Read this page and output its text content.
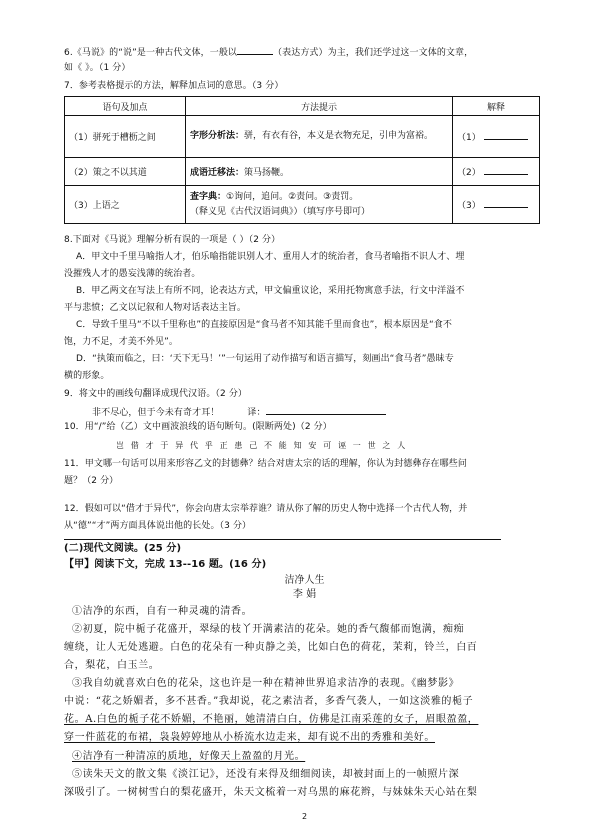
6.《马说》的“说”是一种古代文体，一般以	（表达方式）为主，我们还学过这一文体的文章，
如《 》。（1 分）
7．参考表格提示的方法，解释加点词的意思。（3 分）
语句及加点	方法提示	解释
（1）骈死于槽枥之间	字形分析法：骈，有衣有谷，本义是衣物充足，引申为富裕。	（1）
（2）策之不以其道	成语迁移法：策马扬鞭。	（2）
（3）上语之	查字典：①询问，追问。②责问。③责罚。
（释义见《古代汉语词典》）（填写序号即可）	（3）
8.下面对《马说》理解分析有误的一项是（ ）（2 分）
A．甲文中千里马喻指人才，伯乐喻指能识别人才、重用人才的统治者，食马者喻指不识人才、埋
没摧残人才的愚妄浅薄的统治者。
B．甲乙两文在写法上有所不同，论表达方式，甲文偏重议论，采用托物寓意手法，行文中洋溢不
平与悲愤；乙文以记叙和人物对话表达主旨。
C．导致千里马“不以千里称也”的直接原因是“食马者不知其能千里而食也”，根本原因是“食不
饱，力不足，才美不外见”。
D．“执策而临之，曰：‘天下无马！’”一句运用了动作描写和语言描写，刻画出“食马者”愚昧专
横的形象。
9．将文中的画线句翻译成现代汉语。（2 分）
非不尽心，但于今未有奇才耳！	译：
10．用“/”给（乙）文中画波浪线的语句断句。(限断两处)（2 分）
岂借才于异代乎正患己不能知安可诬一世之人
11．甲文哪一句话可以用来形容乙文的封德彝？结合对唐太宗的话的理解，你认为封德彝存在哪些问
题？（2 分）
12．假如可以“借才于异代”，你会向唐太宗举荐谁？请从你了解的历史人物中选择一个古代人物，并
从“德”“才”两方面具体说出他的长处。（3 分）
(二)现代文阅读。(25 分)
【甲】阅读下文，完成 13--16 题。(16 分)
洁净人生
李 娟
①洁净的东西，自有一种灵魂的清香。
②初夏，院中栀子花盛开，翠绿的枝丫开满素洁的花朵。她的香气馥郁而饱满，痴痴
缠绕，让人无处逃避。白色的花朵有一种贞静之美，比如白色的荷花，茉莉，铃兰，白百
合，梨花，白玉兰。
③我自幼就喜欢白色的花朵，这也许是一种在精神世界追求洁净的表现。《幽梦影》
中说：“花之娇媚者，多不甚香。”我却说，花之素洁者，多香气袭人，一如这淡雅的栀子
花。A.白色的栀子花不娇媚，不艳丽，她清清白白，仿佛是江南采莲的女子，眉眼盈盈，
穿一件蓝花的布裙，袅袅婷婷地从小桥流水边走来，却有说不出的秀雅和美好。
④洁净有一种清凉的质地，好像天上盈盈的月光。
⑤读朱天文的散文集《淡江记》，还没有来得及细细阅读，却被封面上的一帧照片深
深吸引了。一树树雪白的梨花盛开，朱天文梳着一对乌黑的麻花辫，与妹妹朱天心站在梨
2
